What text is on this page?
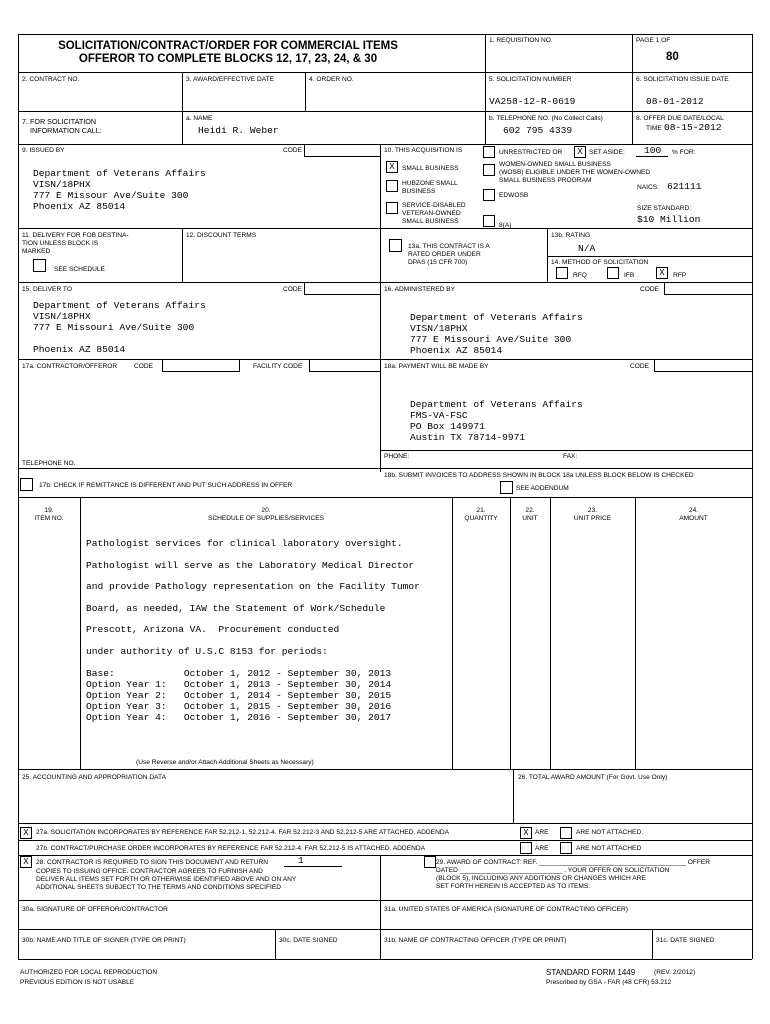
SOLICITATION/CONTRACT/ORDER FOR COMMERCIAL ITEMS
OFFEROR TO COMPLETE BLOCKS 12, 17, 23, 24, & 30
1. REQUISITION NO.	PAGE 1 OF
80
2. CONTRACT NO.	3. AWARD/EFFECTIVE DATE	4. ORDER NO.	5. SOLICITATION NUMBER
VA258-12-R-0619
6. SOLICITATION ISSUE DATE
08-01-2012
7. FOR SOLICITATION
INFORMATION CALL:
a. NAME
Heidi R. Weber
b. TELEPHONE NO. (No Collect Calls)
602 795 4339
8. OFFER DUE DATE/LOCAL
TIME 08-15-2012
9. ISSUED BY	CODE
Department of Veterans Affairs
VISN/18PHX
777 E Missour Ave/Suite 300
Phoenix AZ 85014
10. THIS ACQUISITION IS	UNRESTRICTED OR	X SET ASIDE: 100 % FOR:
X	SMALL BUSINESS
HUBZONE SMALL
BUSINESS
SERVICE-DISABLED
VETERAN-OWNED
SMALL BUSINESS
WOMEN-OWNED SMALL BUSINESS
(WOSB) ELIGIBLE UNDER THE WOMEN-OWNED
SMALL BUSINESS PROGRAM
EDWOSB
8(A)
NAICS: 621111
SIZE STANDARD:
$10 Million
11. DELIVERY FOR FOB DESTINA-
TION UNLESS BLOCK IS
MARKED
SEE SCHEDULE
12. DISCOUNT TERMS
13a. THIS CONTRACT IS A
RATED ORDER UNDER
DPAS (15 CFR 700)
13b. RATING
N/A
14. METHOD OF SOLICITATION
RFQ	IFB	X	RFP
15. DELIVER TO	CODE
Department of Veterans Affairs
VISN/18PHX
777 E Missouri Ave/Suite 300

Phoenix AZ 85014
16. ADMINISTERED BY	CODE
Department of Veterans Affairs
VISN/18PHX
777 E Missouri Ave/Suite 300
Phoenix AZ 85014
17a. CONTRACTOR/OFFEROR	CODE	FACILITY CODE
TELEPHONE NO.
17b. CHECK IF REMITTANCE IS DIFFERENT AND PUT SUCH ADDRESS IN OFFER
18a. PAYMENT WILL BE MADE BY	CODE
Department of Veterans Affairs
FMS-VA-FSC
PO Box 149971
Austin TX 78714-9971
PHONE:	FAX:
18b. SUBMIT INVOICES TO ADDRESS SHOWN IN BLOCK 18a UNLESS BLOCK BELOW IS CHECKED
SEE ADDENDUM
19.
ITEM NO.
20.
SCHEDULE OF SUPPLIES/SERVICES
21.
QUANTITY
22.
UNIT
23.
UNIT PRICE
24.
AMOUNT
Pathologist services for clinical laboratory oversight.
Pathologist will serve as the Laboratory Medical Director
and provide Pathology representation on the Facility Tumor
Board, as needed, IAW the Statement of Work/Schedule
Prescott, Arizona VA.  Procurement conducted
under authority of U.S.C 8153 for periods:
Base:            October 1, 2012 - September 30, 2013
Option Year 1:   October 1, 2013 - September 30, 2014
Option Year 2:   October 1, 2014 - September 30, 2015
Option Year 3:   October 1, 2015 - September 30, 2016
Option Year 4:   October 1, 2016 - September 30, 2017
(Use Reverse and/or Attach Additional Sheets as Necessary)
25. ACCOUNTING AND APPROPRIATION DATA	26. TOTAL AWARD AMOUNT (For Govt. Use Only)
X	27a. SOLICITATION INCORPORATES BY REFERENCE FAR 52.212-1, 52.212-4. FAR 52.212-3 AND 52.212-5 ARE ATTACHED. ADDENDA	X ARE	ARE NOT ATTACHED.
27b. CONTRACT/PURCHASE ORDER INCORPORATES BY REFERENCE FAR 52.212-4. FAR 52.212-5 IS ATTACHED. ADDENDA	ARE	ARE NOT ATTACHED
X	28. CONTRACTOR IS REQUIRED TO SIGN THIS DOCUMENT AND RETURN	1
COPIES TO ISSUING OFFICE. CONTRACTOR AGREES TO FURNISH AND
DELIVER ALL ITEMS SET FORTH OR OTHERWISE IDENTIFIED ABOVE AND ON ANY
ADDITIONAL SHEETS SUBJECT TO THE TERMS AND CONDITIONS SPECIFIED
29. AWARD OF CONTRACT: REF. ________________________________________ OFFER
DATED ____________________________ . YOUR OFFER ON SOLICITATION
(BLOCK 5), INCLUDING ANY ADDITIONS OR CHANGES WHICH ARE
SET FORTH HEREIN IS ACCEPTED AS TO ITEMS:
30a. SIGNATURE OF OFFEROR/CONTRACTOR	31a. UNITED STATES OF AMERICA (SIGNATURE OF CONTRACTING OFFICER)
30b. NAME AND TITLE OF SIGNER (TYPE OR PRINT)	30c. DATE SIGNED	31b. NAME OF CONTRACTING OFFICER (TYPE OR PRINT)	31c. DATE SIGNED
AUTHORIZED FOR LOCAL REPRODUCTION
PREVIOUS EDITION IS NOT USABLE
STANDARD FORM 1449	(REV. 2/2012)
Prescribed by GSA - FAR (48 CFR) 53.212
